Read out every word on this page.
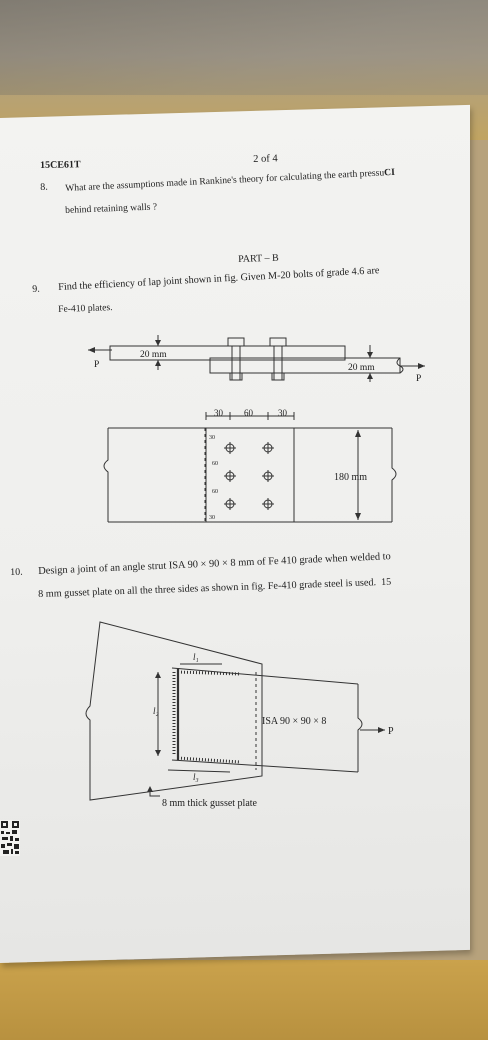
15CE61T
2 of 4
8. What are the assumptions made in Rankine's theory for calculating the earth pressuCI
behind retaining walls ?
PART – B
9. Find the efficiency of lap joint shown in fig. Given M-20 bolts of grade 4.6 are
Fe-410 plates.
20 mm
20 mm
P
P
30 60	30
30
60
60
30
180 mm
10. Design a joint of an angle strut ISA 90 × 90 × 8 mm of Fe 410 grade when welded to
8 mm gusset plate on all the three sides as shown in fig. Fe-410 grade steel is used. 15
l₁
l₂
l₃
ISA 90 × 90 × 8
P
8 mm thick gusset plate
